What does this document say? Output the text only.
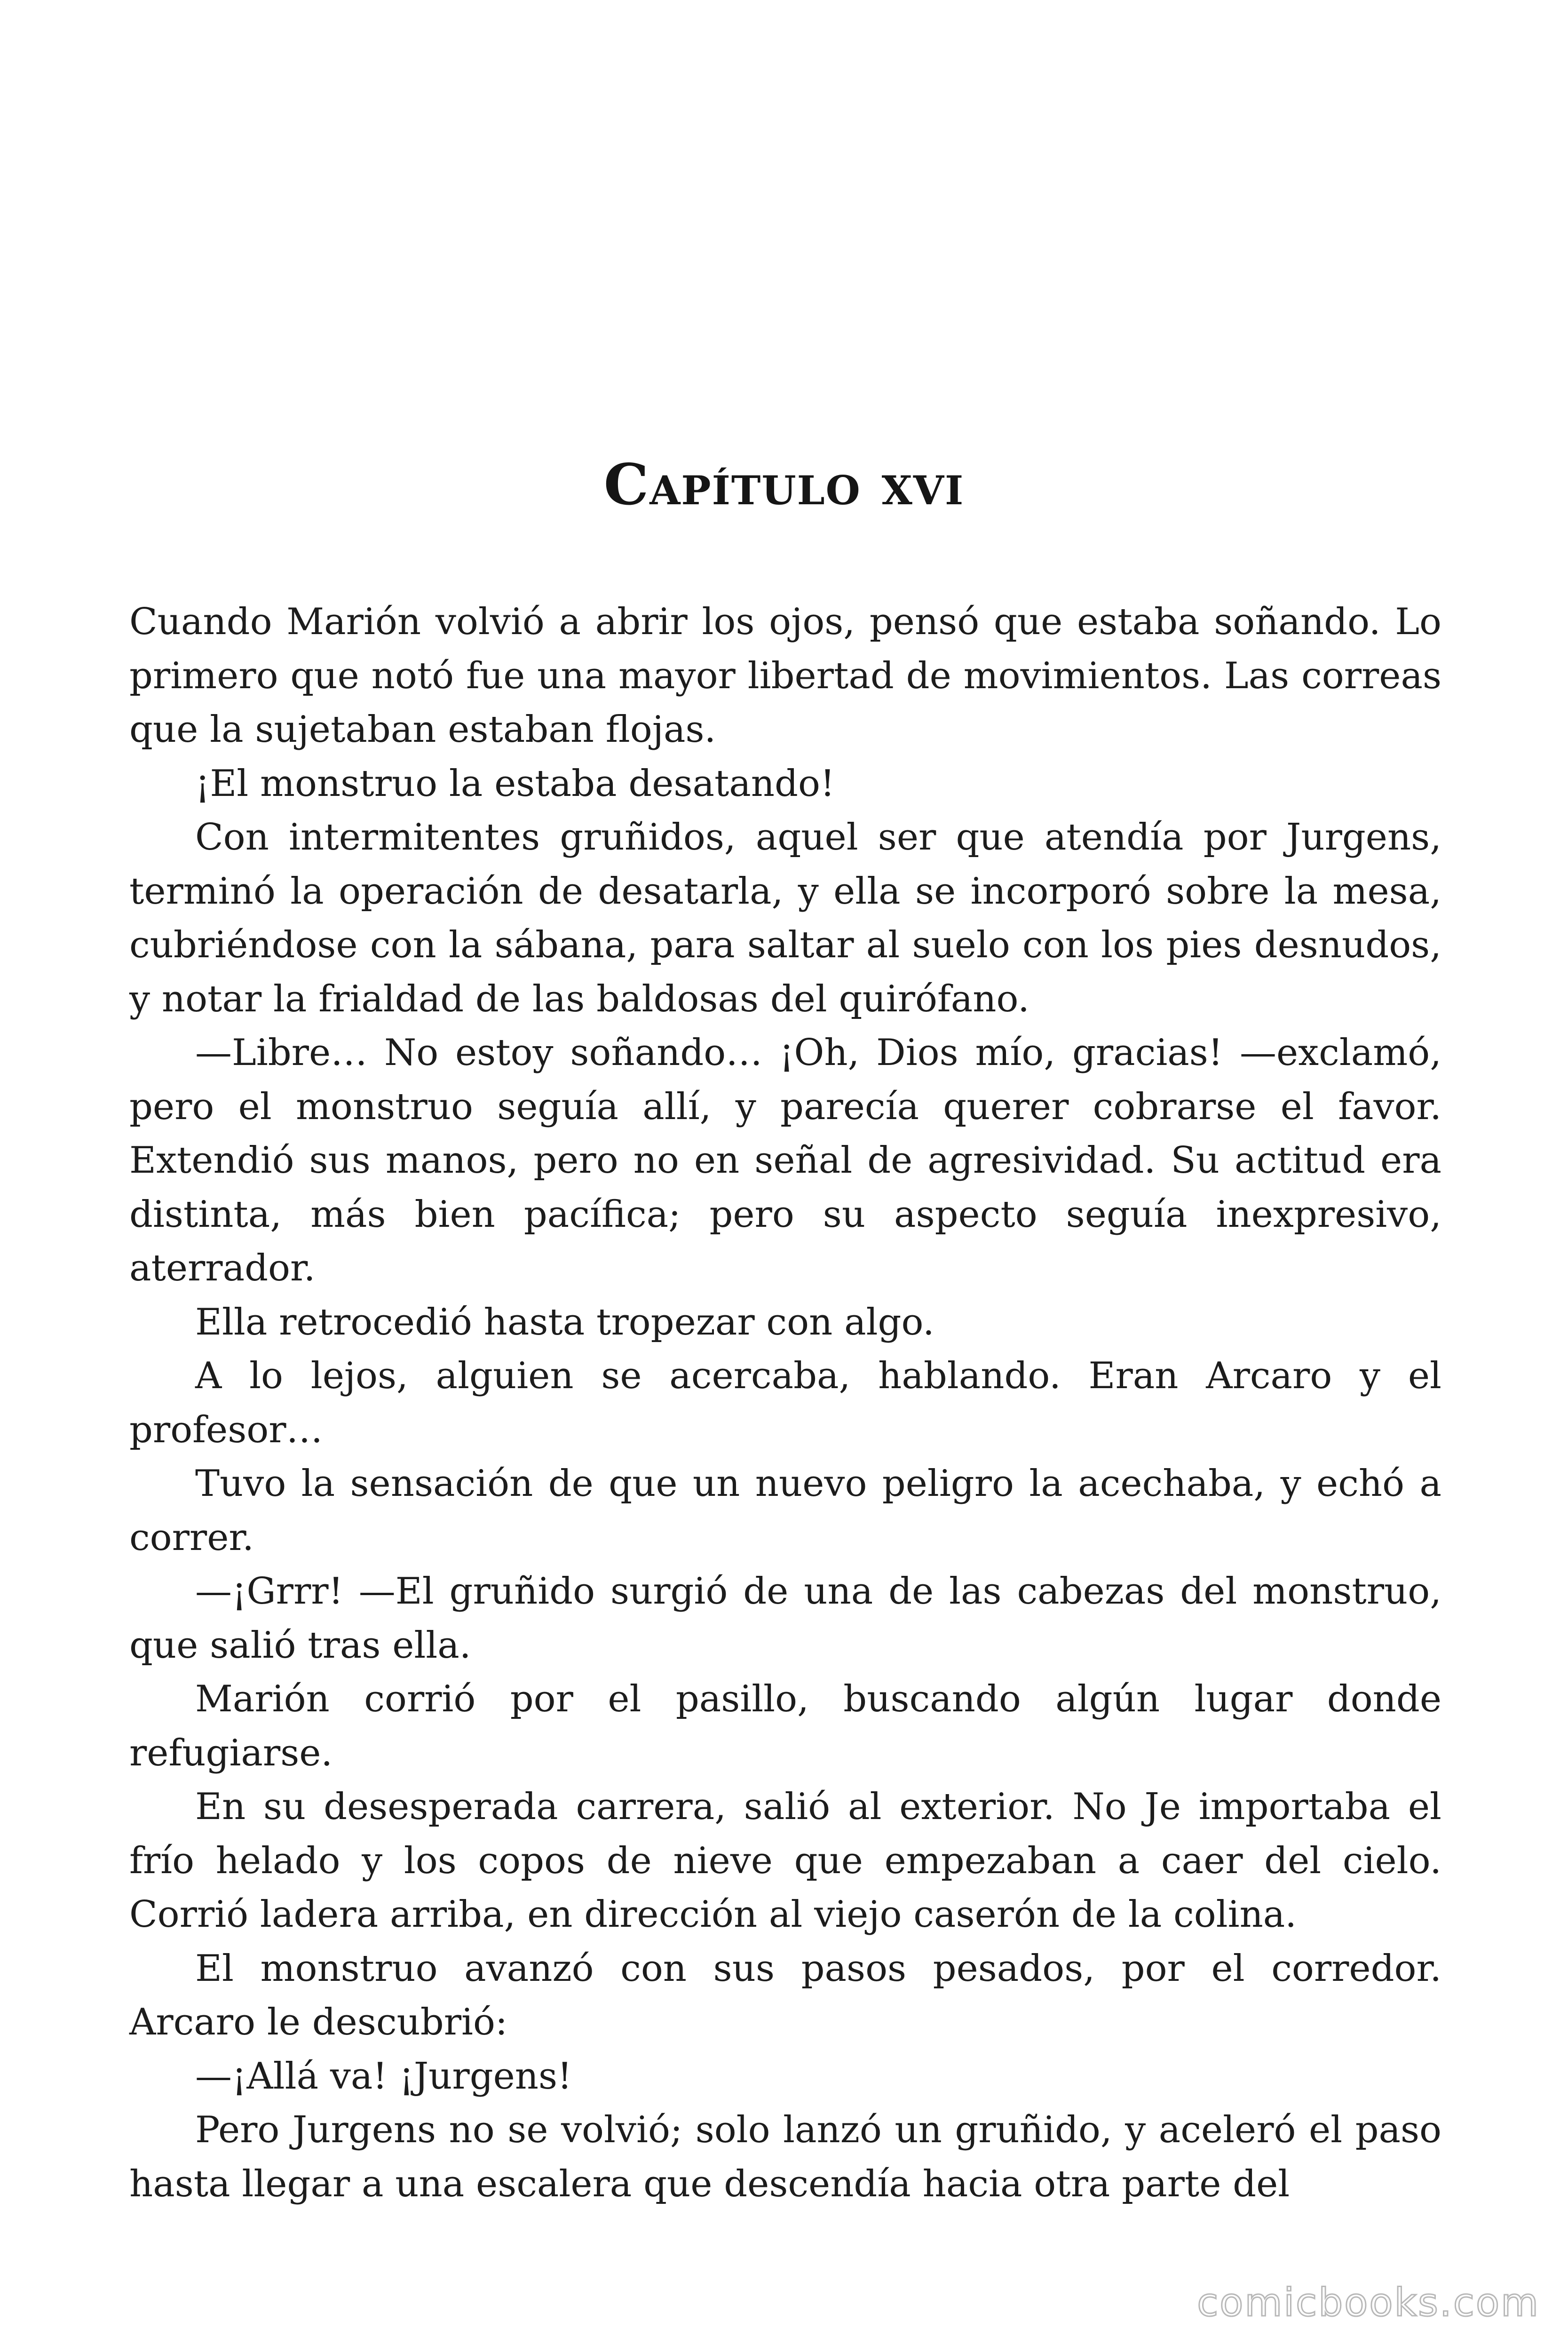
Capítulo xvi

Cuando Marión volvió a abrir los ojos, pensó que estaba soñando. Lo primero que notó fue una mayor libertad de movimientos. Las correas que la sujetaban estaban flojas.

¡El monstruo la estaba desatando!

Con intermitentes gruñidos, aquel ser que atendía por Jurgens, terminó la operación de desatarla, y ella se incorporó sobre la mesa, cubriéndose con la sábana, para saltar al suelo con los pies desnudos, y notar la frialdad de las baldosas del quirófano.

—Libre… No estoy soñando… ¡Oh, Dios mío, gracias! —exclamó, pero el monstruo seguía allí, y parecía querer cobrarse el favor. Extendió sus manos, pero no en señal de agresividad. Su actitud era distinta, más bien pacífica; pero su aspecto seguía inexpresivo, aterrador.

Ella retrocedió hasta tropezar con algo.

A lo lejos, alguien se acercaba, hablando. Eran Arcaro y el profesor…

Tuvo la sensación de que un nuevo peligro la acechaba, y echó a correr.

—¡Grrr! —El gruñido surgió de una de las cabezas del monstruo, que salió tras ella.

Marión corrió por el pasillo, buscando algún lugar donde refugiarse.

En su desesperada carrera, salió al exterior. No Je importaba el frío helado y los copos de nieve que empezaban a caer del cielo. Corrió ladera arriba, en dirección al viejo caserón de la colina.

El monstruo avanzó con sus pasos pesados, por el corredor. Arcaro le descubrió:

—¡Allá va! ¡Jurgens!

Pero Jurgens no se volvió; solo lanzó un gruñido, y aceleró el paso hasta llegar a una escalera que descendía hacia otra parte del

comicbooks.com
